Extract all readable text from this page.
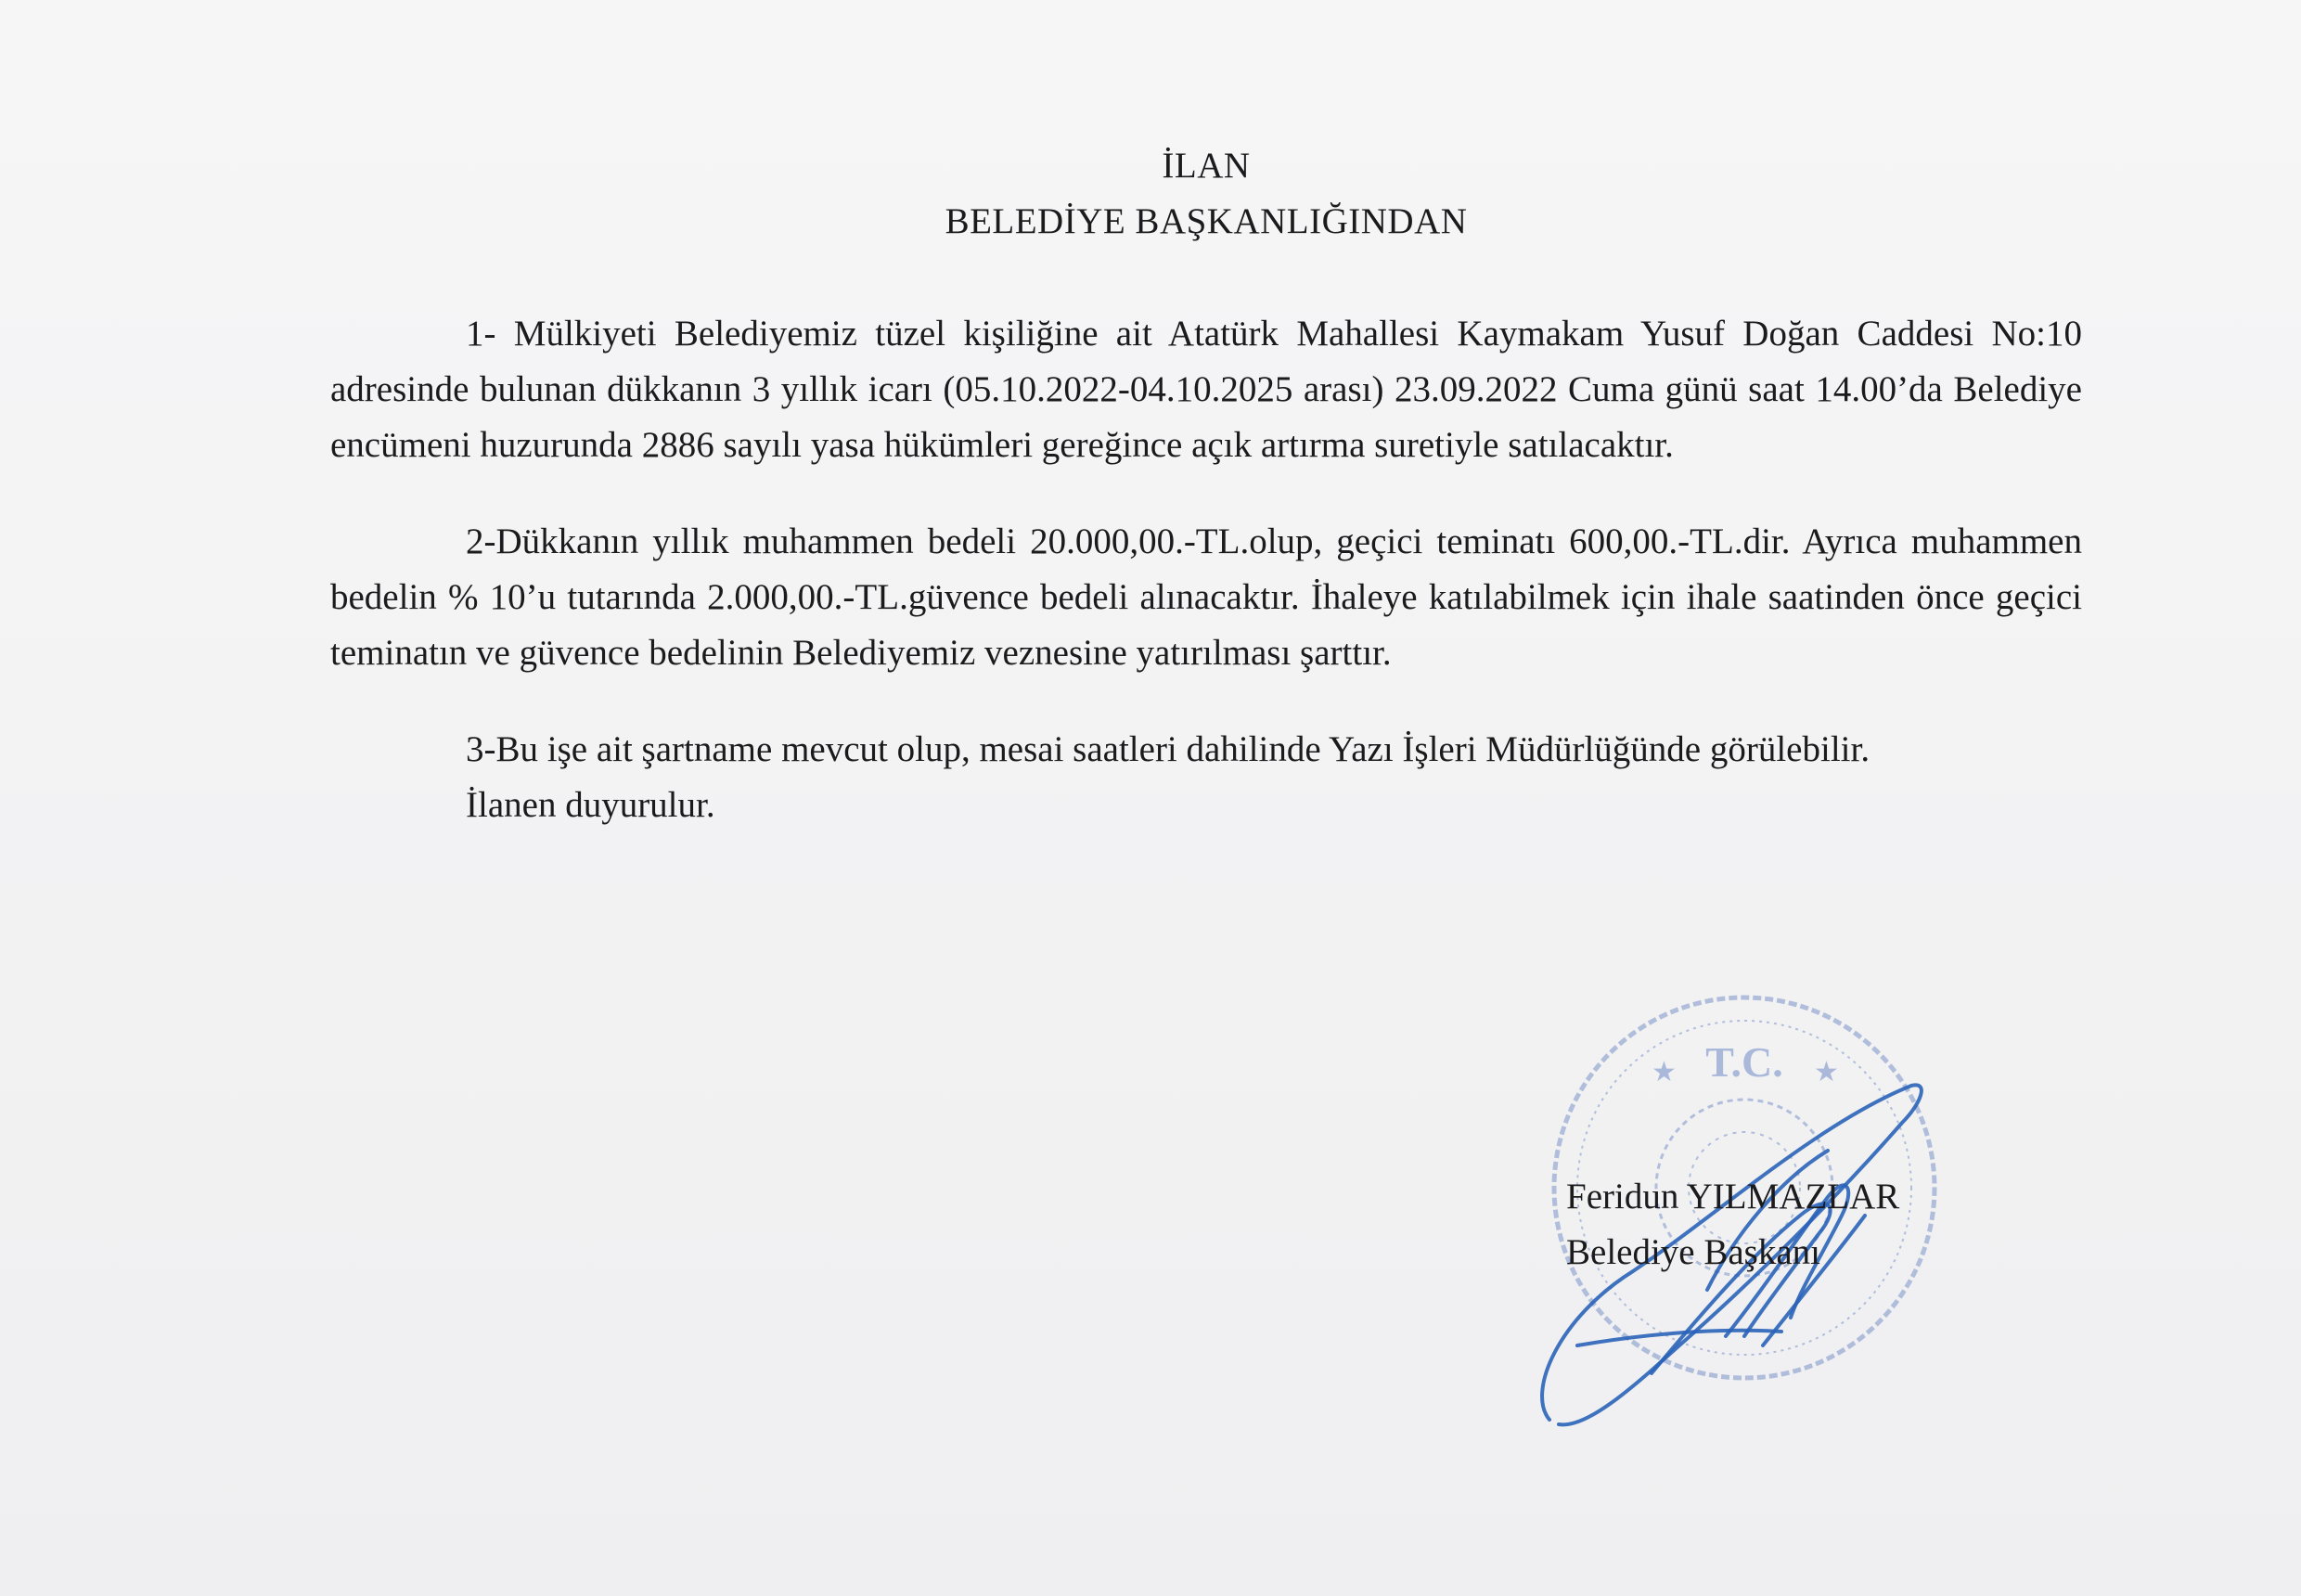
İLAN
BELEDİYE BAŞKANLIĞINDAN

1- Mülkiyeti Belediyemiz tüzel kişiliğine ait Atatürk Mahallesi Kaymakam Yusuf Doğan Caddesi No:10 adresinde bulunan dükkanın 3 yıllık icarı (05.10.2022-04.10.2025 arası) 23.09.2022 Cuma günü saat 14.00’da Belediye encümeni huzurunda 2886 sayılı yasa hükümleri gereğince açık artırma suretiyle satılacaktır.

2-Dükkanın yıllık muhammen bedeli 20.000,00.-TL.olup, geçici teminatı 600,00.-TL.dir. Ayrıca muhammen bedelin % 10’u tutarında 2.000,00.-TL.güvence bedeli alınacaktır. İhaleye katılabilmek için ihale saatinden önce geçici teminatın ve güvence bedelinin Belediyemiz veznesine yatırılması şarttır.

3-Bu işe ait şartname mevcut olup, mesai saatleri dahilinde Yazı İşleri Müdürlüğünde görülebilir.

İlanen duyurulur.

T.C.
★	★
Feridun YILMAZLAR
Belediye Başkanı
